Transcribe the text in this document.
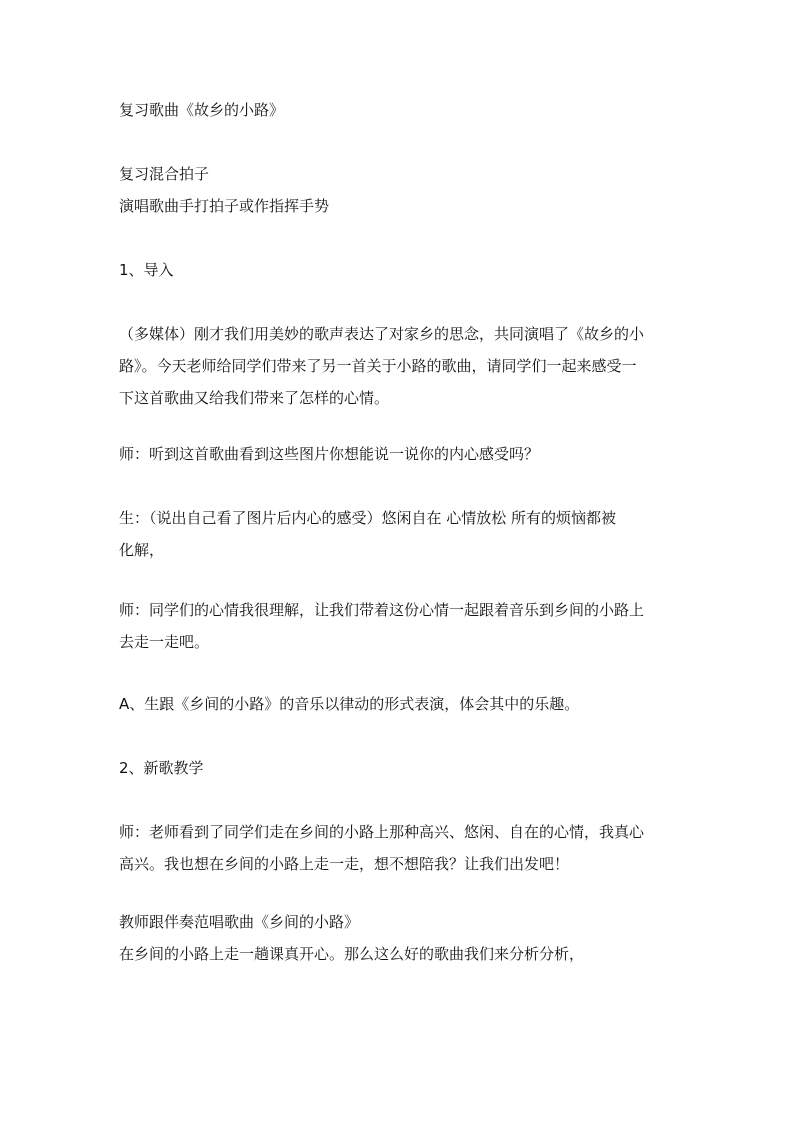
复习歌曲《故乡的小路》

复习混合拍子

演唱歌曲手打拍子或作指挥手势

1、导入

（多媒体）刚才我们用美妙的歌声表达了对家乡的思念，共同演唱了《故乡的小
路》。今天老师给同学们带来了另一首关于小路的歌曲，请同学们一起来感受一
下这首歌曲又给我们带来了怎样的心情。

师：听到这首歌曲看到这些图片你想能说一说你的内心感受吗？

生：（说出自己看了图片后内心的感受）悠闲自在 心情放松 所有的烦恼都被
化解，
师：同学们的心情我很理解，让我们带着这份心情一起跟着音乐到乡间的小路上
去走一走吧。

A、生跟《乡间的小路》的音乐以律动的形式表演，体会其中的乐趣。

2、新歌教学

师：老师看到了同学们走在乡间的小路上那种高兴、悠闲、自在的心情，我真心
高兴。我也想在乡间的小路上走一走，想不想陪我？让我们出发吧！

教师跟伴奏范唱歌曲《乡间的小路》

在乡间的小路上走一趟课真开心。那么这么好的歌曲我们来分析分析，
